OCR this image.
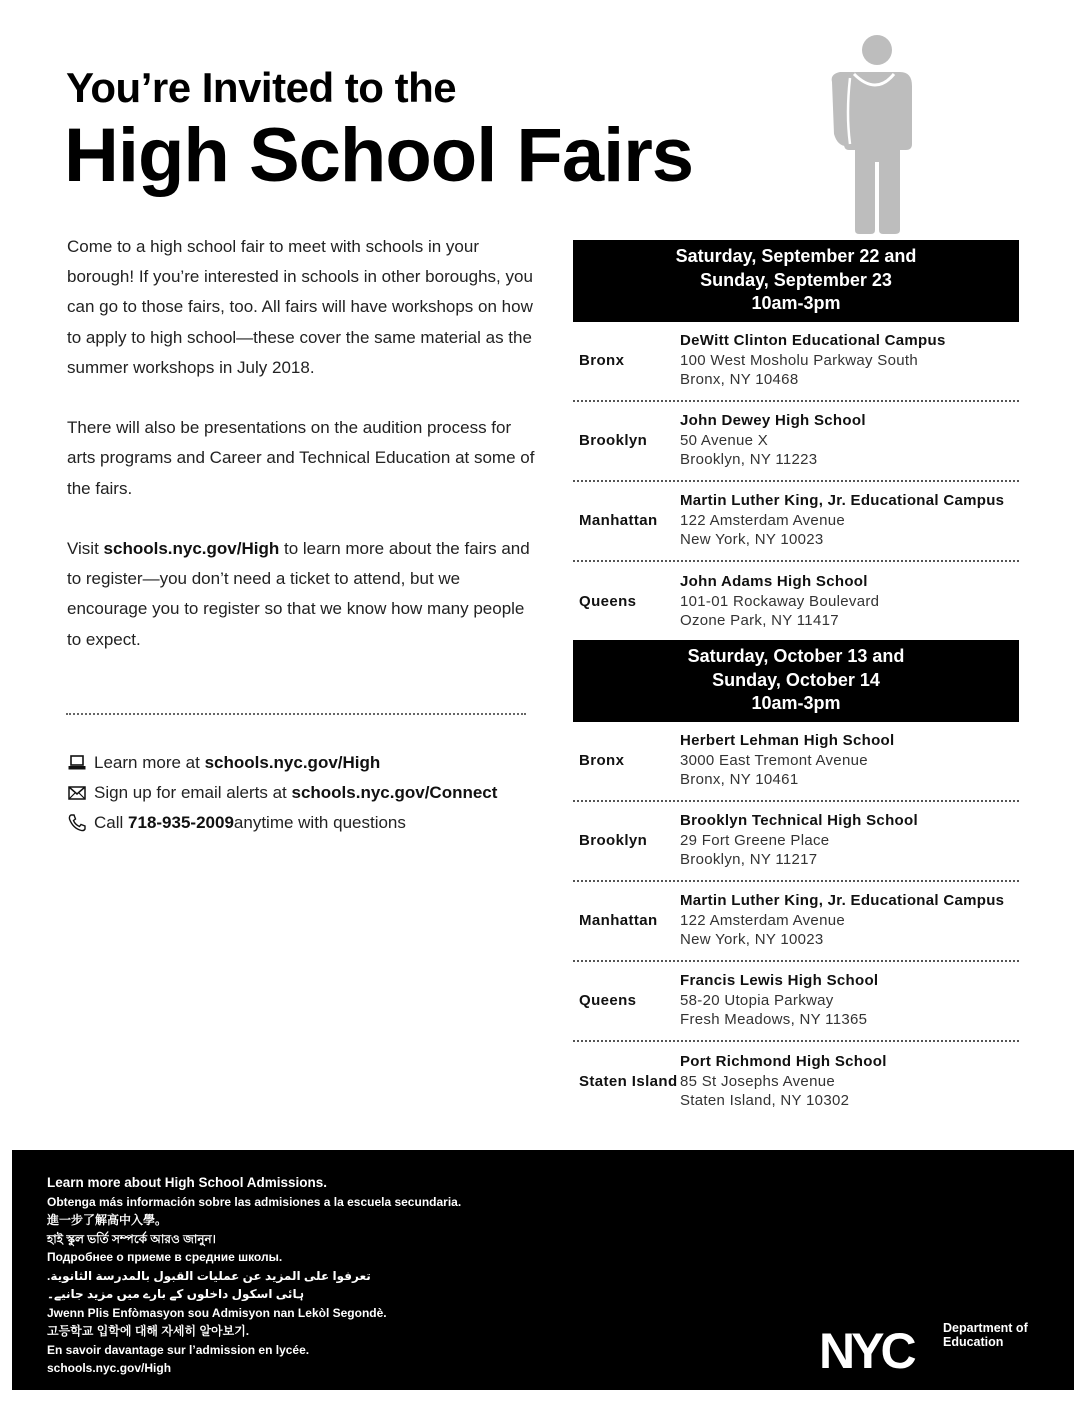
You’re Invited to the
High School Fairs

Come to a high school fair to meet with schools in your borough! If you’re interested in schools in other boroughs, you can go to those fairs, too. All fairs will have workshops on how to apply to high school—these cover the same material as the summer workshops in July 2018.

There will also be presentations on the audition process for arts programs and Career and Technical Education at some of the fairs.

Visit schools.nyc.gov/High to learn more about the fairs and to register—you don’t need a ticket to attend, but we encourage you to register so that we know how many people to expect.

Learn more at
schools.nyc.gov/High
Sign up for email alerts at
schools.nyc.gov/Connect
Call
718-935-2009 anytime with questions
Saturday, September 22 and
Sunday, September 23
10am-3pm
Bronx
DeWitt Clinton Educational Campus
100 West Mosholu Parkway South
Bronx, NY 10468
Brooklyn
John Dewey High School
50 Avenue X
Brooklyn, NY 11223
Manhattan
Martin Luther King, Jr. Educational Campus
122 Amsterdam Avenue
New York, NY 10023
Queens
John Adams High School
101-01 Rockaway Boulevard
Ozone Park, NY 11417
Saturday, October 13 and
Sunday, October 14
10am-3pm
Bronx
Herbert Lehman High School
3000 East Tremont Avenue
Bronx, NY 10461
Brooklyn
Brooklyn Technical High School
29 Fort Greene Place
Brooklyn, NY 11217
Manhattan
Martin Luther King, Jr. Educational Campus
122 Amsterdam Avenue
New York, NY 10023
Queens
Francis Lewis High School
58-20 Utopia Parkway
Fresh Meadows, NY 11365
Staten Island
Port Richmond High School
85 St Josephs Avenue
Staten Island, NY 10302
Learn more about High School Admissions.
Obtenga más información sobre las admisiones a la escuela secundaria.
進一步了解高中入學。
হাই স্কুল ভর্তি সম্পর্কে আরও জানুন।
Подробнее о приеме в средние школы.
تعرفوا على المزيد عن عمليات القبول بالمدرسة الثانوية.
ہائی اسکول داخلوں کے بارے میں مزید جانیے۔
Jwenn Plis Enfòmasyon sou Admisyon nan Lekòl Segondè.
고등학교 입학에 대해 자세히 알아보기.
En savoir davantage sur l’admission en lycée.
schools.nyc.gov/High	NYC Department of
Education
